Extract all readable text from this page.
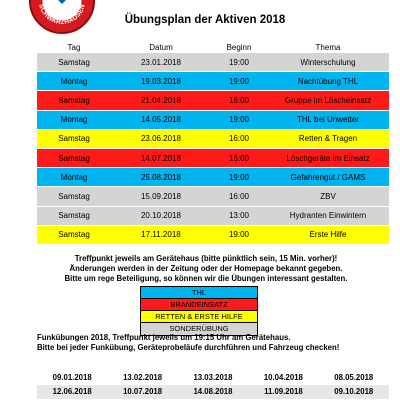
SCHWARZHAUSEN
Übungsplan der Aktiven 2018
Tag	Datum	Beginn	Thema
Samstag	23.01.2018	19:00	Winterschulung
Montag	19.03.2018	19:00	Nachtübung THL
Samstag	21.04.2018	16:00	Gruppe im Löscheinsatz
Montag	14.05.2018	19:00	THL bei Unwetter
Samstag	23.06.2018	16:00	Retten & Tragen
Samstag	14.07.2018	16:00	Löschgeräte im Einsatz
Montag	25.08.2018	19:00	Gefahrengut / GAMS
Samstag	15.09.2018	16:00	ZBV
Samstag	20.10.2018	13:00	Hydranten Einwintern
Samstag	17.11.2018	19:00	Erste Hilfe
Treffpunkt jeweils am Gerätehaus (bitte pünktlich sein, 15 Min. vorher)!
Änderungen werden in der Zeitung oder der Homepage bekannt gegeben.
Bitte um rege Beteiligung, so können wir die Übungen interessant gestalten.
THL
BRANDEINSATZ
RETTEN & ERSTE HILFE
SONDERÜBUNG
Funkübungen 2018, Treffpunkt jeweils um 19:15 Uhr am Gerätehaus.
Bitte bei jeder Funkübung, Geräteprobeläufe durchführen und Fahrzeug checken!
09.01.2018	13.02.2018	13.03.2018	10.04.2018	08.05.2018
12.06.2018	10.07.2018	14.08.2018	11.09.2018	09.10.2018
